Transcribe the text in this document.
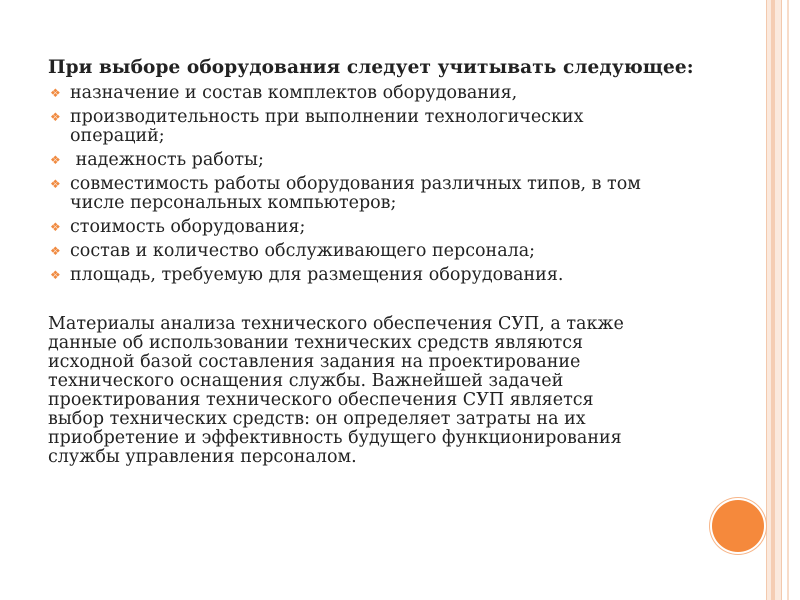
При выборе оборудования следует учитывать следующее:
❖ назначение и состав комплектов оборудования,
❖ производительность при выполнении технологических
операций;
❖ надежность работы;
❖ совместимость работы оборудования различных типов, в том
числе персональных компьютеров;
❖ стоимость оборудования;
❖ состав и количество обслуживающего персонала;
❖ площадь, требуемую для размещения оборудования.
Материалы анализа технического обеспечения СУП, а также
данные об использовании технических средств являются
исходной базой составления задания на проектирование
технического оснащения службы. Важнейшей задачей
проектирования технического обеспечения СУП является
выбор технических средств: он определяет затраты на их
приобретение и эффективность будущего функционирования
службы управления персоналом.
